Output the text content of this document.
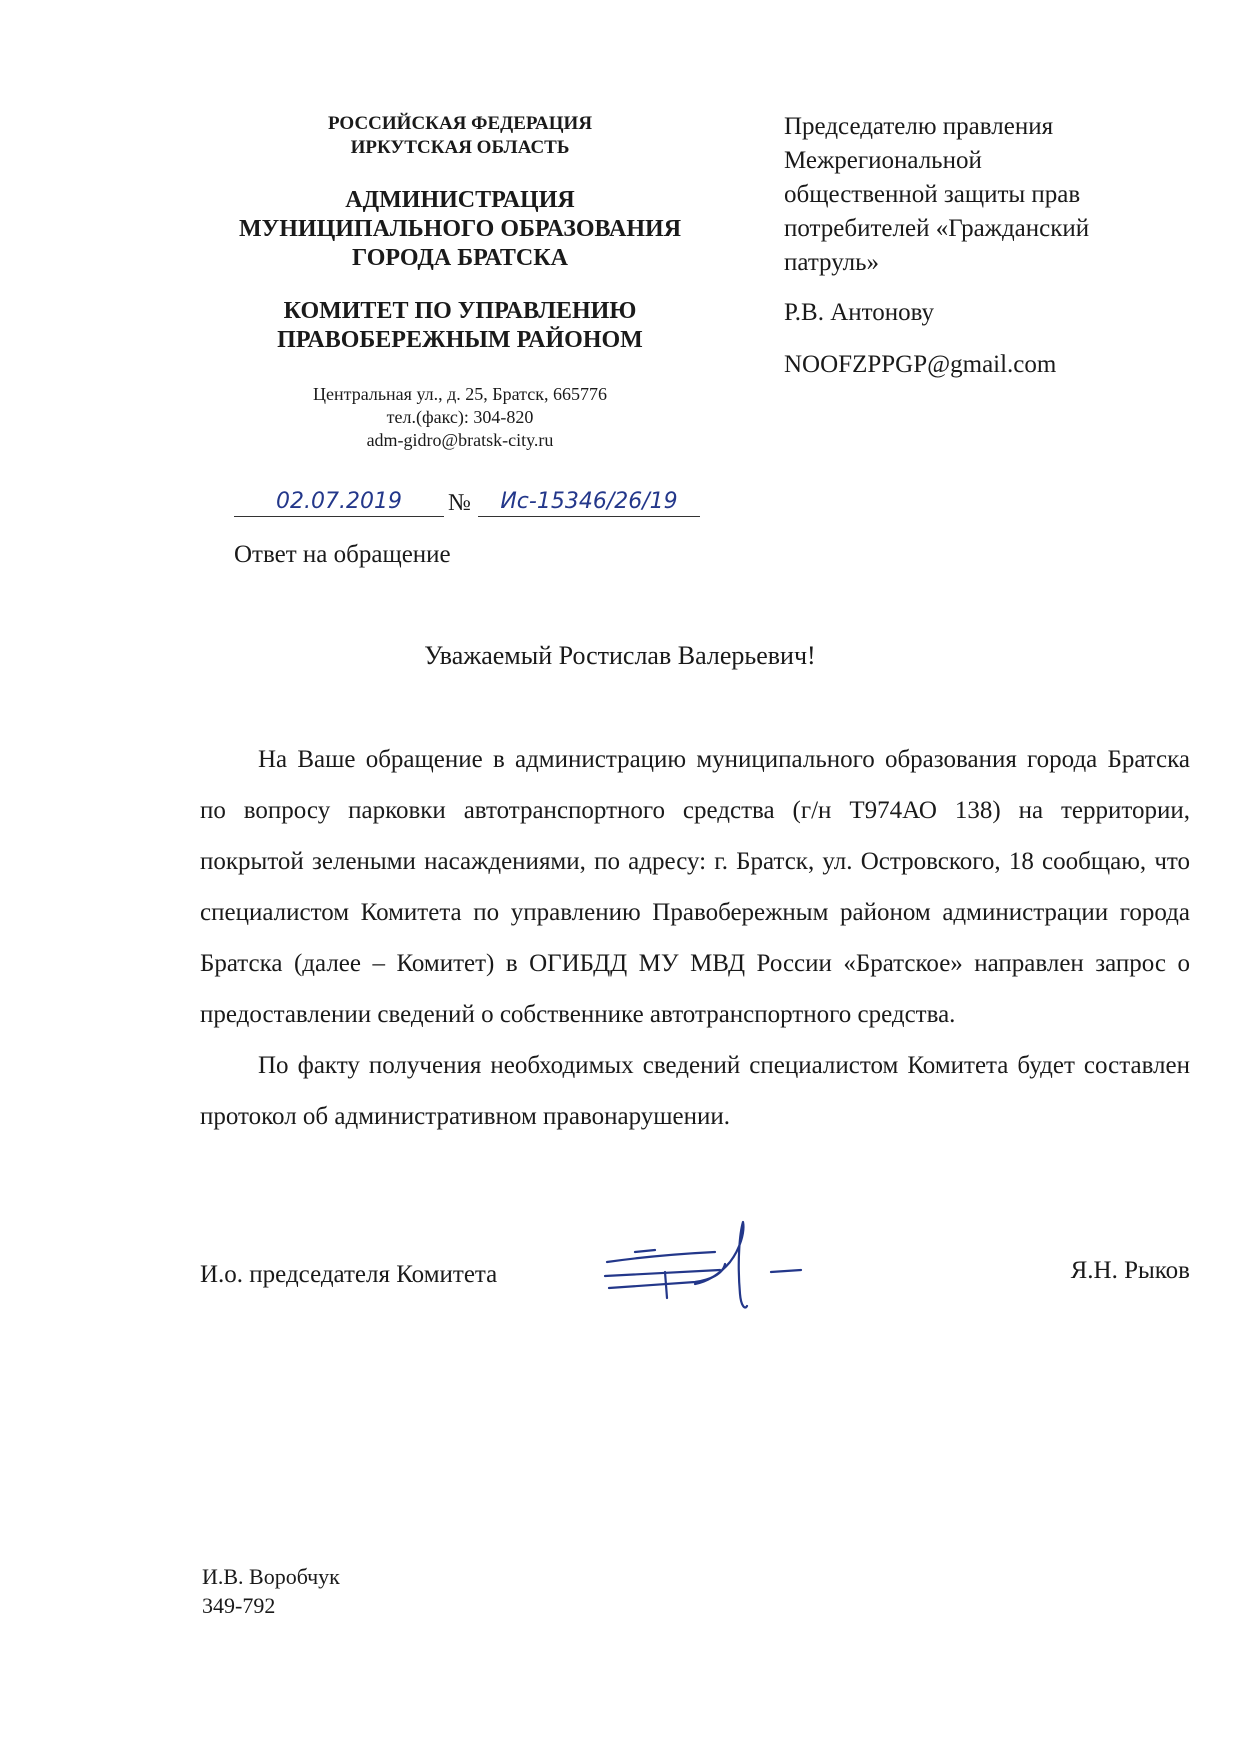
РОССИЙСКАЯ ФЕДЕРАЦИЯ

ИРКУТСКАЯ ОБЛАСТЬ

АДМИНИСТРАЦИЯ

МУНИЦИПАЛЬНОГО ОБРАЗОВАНИЯ

ГОРОДА БРАТСКА

КОМИТЕТ ПО УПРАВЛЕНИЮ

ПРАВОБЕРЕЖНЫМ РАЙОНОМ

Центральная ул., д. 25, Братск, 665776

тел.(факс): 304-820

adm-gidro@bratsk-city.ru

Председателю правления

Межрегиональной

общественной защиты прав

потребителей «Гражданский

патруль»

Р.В. Антонову

NOOFZPPGP@gmail.com

02.07.2019	№	Ис-15346/26/19

Ответ на обращение

Уважаемый Ростислав Валерьевич!

На Ваше обращение в администрацию муниципального образования города Братска по вопросу парковки автотранспортного средства (г/н Т974АО 138) на территории, покрытой зелеными насаждениями, по адресу: г. Братск, ул. Островского, 18 сообщаю, что специалистом Комитета по управлению Правобережным районом администрации города Братска (далее – Комитет) в ОГИБДД МУ МВД России «Братское» направлен запрос о предоставлении сведений о собственнике автотранспортного средства.

По факту получения необходимых сведений специалистом Комитета будет составлен протокол об административном правонарушении.

И.о. председателя Комитета	Я.Н. Рыков

И.В. Воробчук

349-792
